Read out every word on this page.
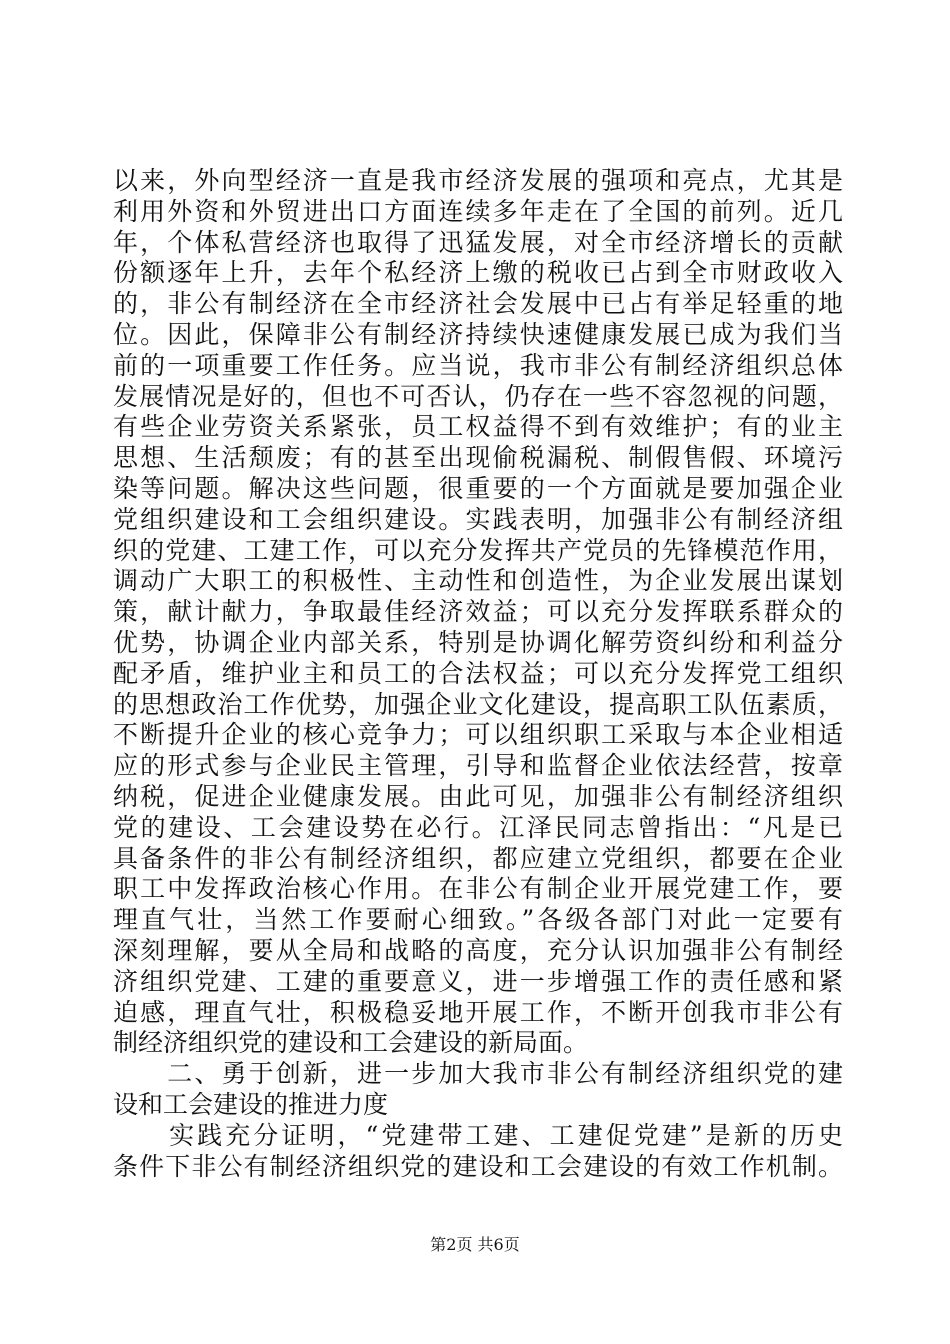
以来，外向型经济一直是我市经济发展的强项和亮点，尤其是
利用外资和外贸进出口方面连续多年走在了全国的前列。近几
年，个体私营经济也取得了迅猛发展，对全市经济增长的贡献
份额逐年上升，去年个私经济上缴的税收已占到全市财政收入
的，非公有制经济在全市经济社会发展中已占有举足轻重的地
位。因此，保障非公有制经济持续快速健康发展已成为我们当
前的一项重要工作任务。应当说，我市非公有制经济组织总体
发展情况是好的，但也不可否认，仍存在一些不容忽视的问题，
有些企业劳资关系紧张，员工权益得不到有效维护；有的业主
思想、生活颓废；有的甚至出现偷税漏税、制假售假、环境污
染等问题。解决这些问题，很重要的一个方面就是要加强企业
党组织建设和工会组织建设。实践表明，加强非公有制经济组
织的党建、工建工作，可以充分发挥共产党员的先锋模范作用，
调动广大职工的积极性、主动性和创造性，为企业发展出谋划
策，献计献力，争取最佳经济效益；可以充分发挥联系群众的
优势，协调企业内部关系，特别是协调化解劳资纠纷和利益分
配矛盾，维护业主和员工的合法权益；可以充分发挥党工组织
的思想政治工作优势，加强企业文化建设，提高职工队伍素质，
不断提升企业的核心竞争力；可以组织职工采取与本企业相适
应的形式参与企业民主管理，引导和监督企业依法经营，按章
纳税，促进企业健康发展。由此可见，加强非公有制经济组织
党的建设、工会建设势在必行。江泽民同志曾指出：“凡是已
具备条件的非公有制经济组织，都应建立党组织，都要在企业
职工中发挥政治核心作用。在非公有制企业开展党建工作，要
理直气壮，当然工作要耐心细致。”各级各部门对此一定要有
深刻理解，要从全局和战略的高度，充分认识加强非公有制经
济组织党建、工建的重要意义，进一步增强工作的责任感和紧
迫感，理直气壮，积极稳妥地开展工作，不断开创我市非公有
制经济组织党的建设和工会建设的新局面。
　　二、勇于创新，进一步加大我市非公有制经济组织党的建
设和工会建设的推进力度
　　实践充分证明，“党建带工建、工建促党建”是新的历史
条件下非公有制经济组织党的建设和工会建设的有效工作机制。
第2页 共6页
